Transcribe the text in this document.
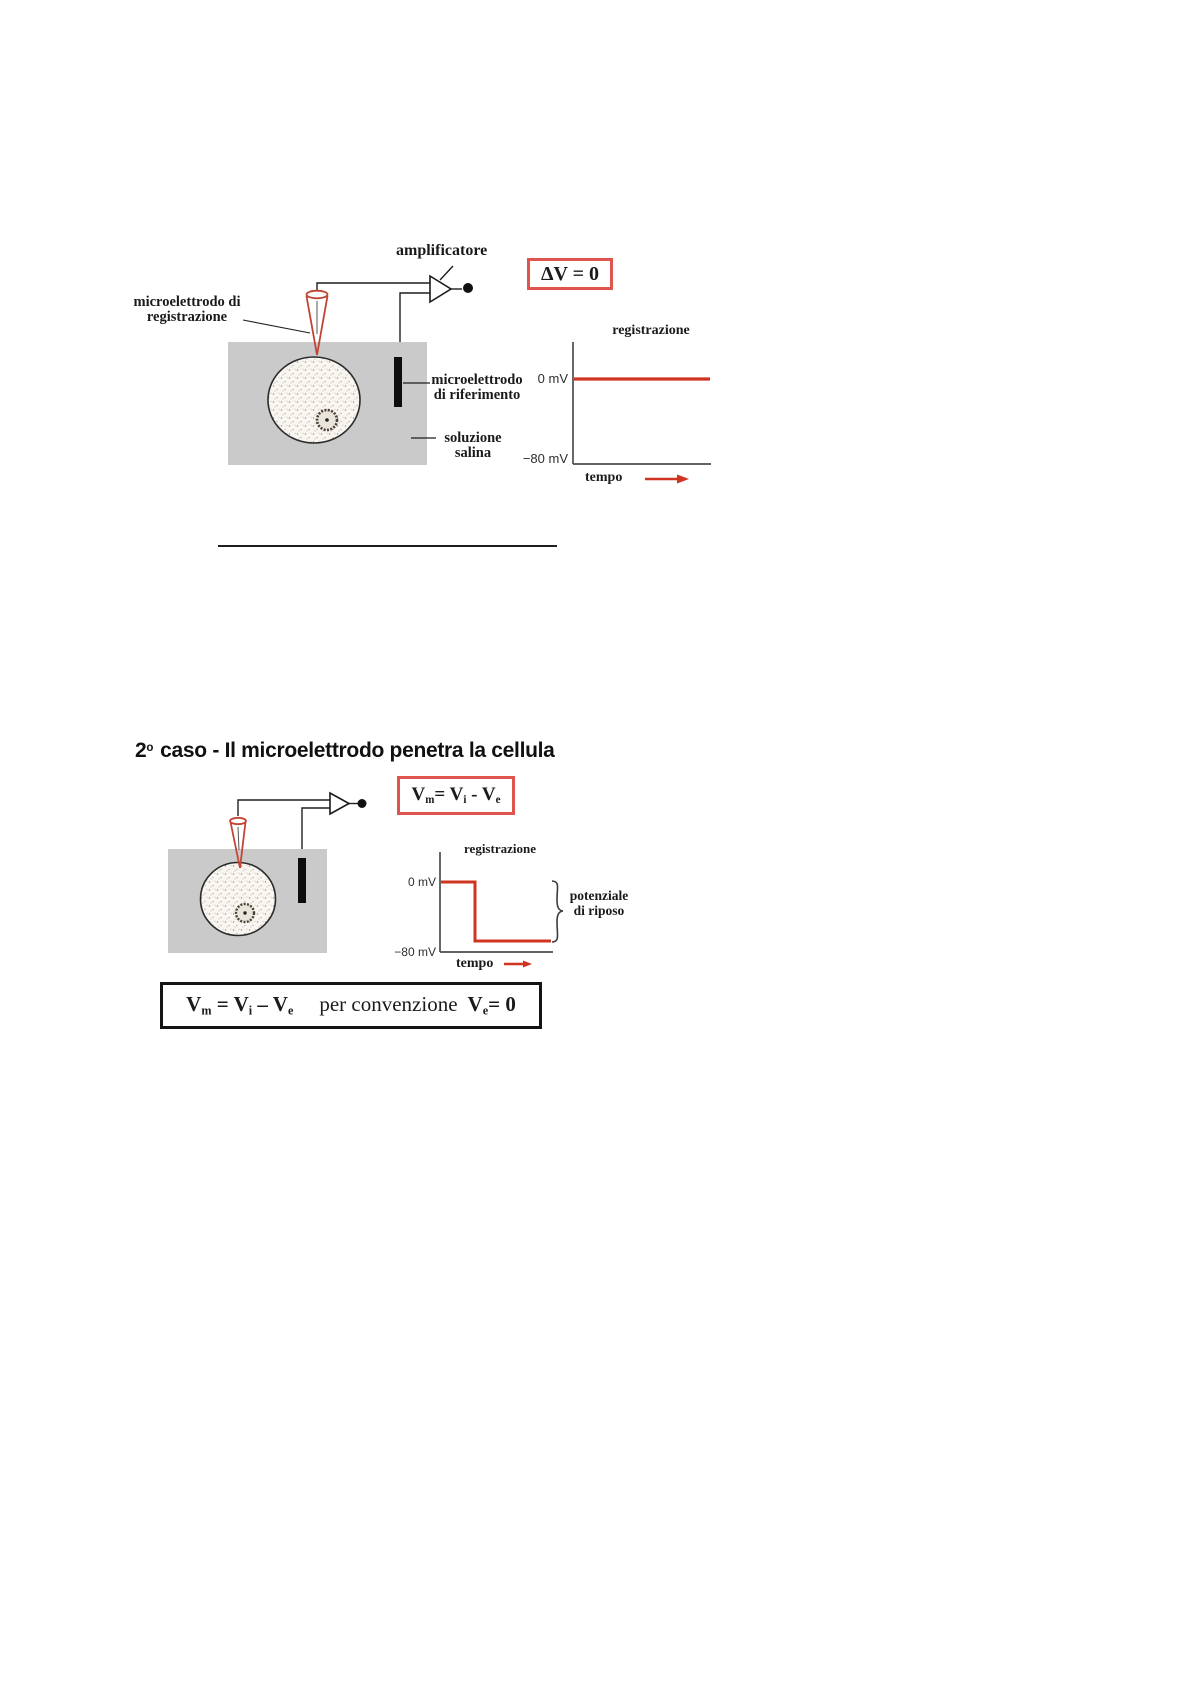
amplificatore
microelettrodo di
registrazione
microelettrodo
di riferimento
soluzione
salina
ΔV = 0
registrazione
0 mV
−80 mV
tempo
2$^o$ caso - Il microelettrodo penetra la cellula
$V_m= V_i - V_e$
registrazione
0 mV
−80 mV
tempo
potenziale
di riposo
$V_m = V_i - V_e$ per convenzione $V_e= 0$
